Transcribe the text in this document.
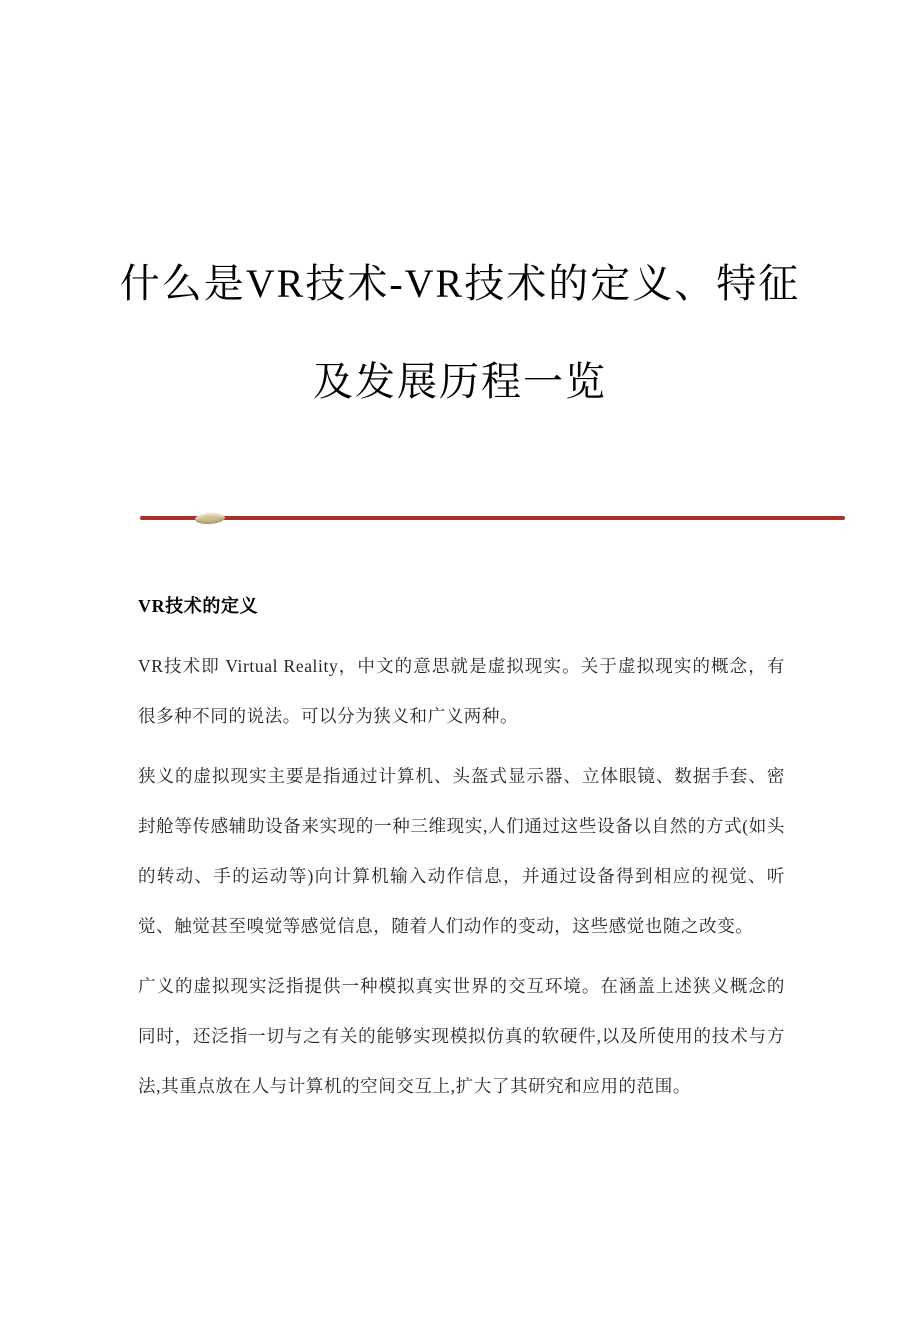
什么是VR技术-VR技术的定义、特征
及发展历程一览

VR技术的定义

VR技术即 Virtual Reality，中文的意思就是虚拟现实。关于虚拟现实的概念，有很多种不同的说法。可以分为狭义和广义两种。

狭义的虚拟现实主要是指通过计算机、头盔式显示器、立体眼镜、数据手套、密封舱等传感辅助设备来实现的一种三维现实,人们通过这些设备以自然的方式(如头的转动、手的运动等)向计算机输入动作信息，并通过设备得到相应的视觉、听觉、触觉甚至嗅觉等感觉信息，随着人们动作的变动，这些感觉也随之改变。

广义的虚拟现实泛指提供一种模拟真实世界的交互环境。在涵盖上述狭义概念的同时，还泛指一切与之有关的能够实现模拟仿真的软硬件,以及所使用的技术与方法,其重点放在人与计算机的空间交互上,扩大了其研究和应用的范围。
